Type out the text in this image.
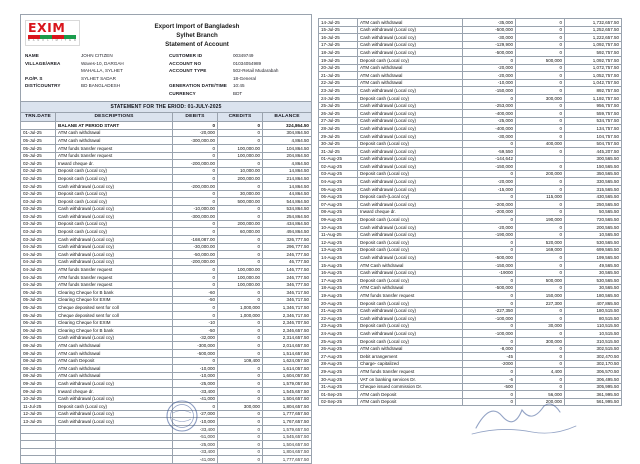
EXIM
B A N K L I M I T E D
Export Import of Bangladesh
Sylhet Branch
Statement of Account
NAME	JOHN CITIZEN
VILLAGE/AREA	Waves-10, DARGAH
MAHALLA, SYLHET
P.O/P. S	SYLHET SADAR
DIST/COUNTRY	BD BANGLADESH
CUSTOMER ID	00349749
ACCOUNT NO	01034054989
ACCOUNT TYPE	502-Retail Mudarabah
18-General
GENERATION DATE/TIME	10:45
CURRENCY	BDT
STATEMENT FOR THE ERIOD: 01-JULY-2025
TRN.DATE	DESCRIPTIONS	DEBITS	CREDITS	BALANCE
	BALANE AT PERIOD START	0	0	324,864.50
01-Jul-25	ATM cash withdrawal	-20,000	0	304,864.50
05-Jul-25	ATM cash withdrawal	-300,000.00	0	4,864.50
05-Jul-25	ATM funds transfer request	0	100,000.00	104,864.50
05-Jul-25	ATM funds transfer request	0	100,000.00	204,864.50
02-Jul-25	Inward cheque dr.	-200,000.00	0	4,864.50
02-Jul-25	Deposit cash (Local ccy)	0	10,000.00	14,864.50
02-Jul-25	Deposit cash (Local ccy)	0	200,000.00	214,864.50
02-Jul-25	Cash withdrawal (Local ccy)	-200,000.00	0	14,864.50
02-Jul-25	Deposit cash (Local ccy)	0	30,000.00	44,864.50
03-Jul-25	Deposit cash (Local ccy)	0	500,000.00	544,864.50
03-Jul-25	Cash withdrawal (Local ccy)	-10,000.00	0	534,864.50
03-Jul-25	Cash withdrawal (Local ccy)	-300,000.00	0	254,864.50
03-Jul-25	Deposit cash (Local ccy)	0	200,000.00	434,864.50
03-Jul-25	Deposit cash (Local ccy)	0	60,000.00	494,864.50
03-Jul-25	Cash withdrawal (Local ccy)	-168,087.00	0	326,777.50
04-Jul-25	Cash withdrawal (Local ccy)	-30,000.00	0	296,777.50
04-Jul-25	Cash withdrawal (Local ccy)	-50,000.00	0	246,777.50
04-Jul-25	Cash withdrawal (Local ccy)	-200,000.00	0	46,777.50
04-Jul-25	ATM funds transfer request	0	100,000.00	146,777.50
04-Jul-25	ATM funds transfer request	0	100,000.00	246,777.50
04-Jul-25	ATM funds transfer request	0	100,000.00	346,777.50
05-Jul-25	Clearing Cheque for B bank	-60	0	346,717.50
05-Jul-25	Clearing Cheque for EXIM	-50	0	346,717.50
05-Jul-25	Cheque deposited sent for coll	0	1,000,000	1,346,717.50
05-Jul-25	Cheque deposited sent for coll	0	1,000,000	2,346,717.50
06-Jul-25	Clearing Cheque for EXIM	-10	0	2,346,707.50
06-Jul-25	Clearing Cheque for B bank	-50	0	2,346,657.50
06-Jul-25	Cash withdrawal (Local ccy)	-32,000	0	2,314,657.50
08-Jul-25	ATM cash withdrawal	-300,000	0	2,014,657.50
08-Jul-25	ATM cash withdrawal	-500,000	0	1,514,657.50
08-Jul-25	ATM cash Deposit	0	109,400	1,624,057.50
08-Jul-25	ATM cash withdrawal	-10,000	0	1,614,057.50
08-Jul-25	ATM cash withdrawal	-10,000	0	1,604,057.50
09-Jul-25	Cash withdrawal (Local ccy)	-25,000	0	1,579,057.50
09-Jul-25	Inward cheque dr.	-33,400	0	1,545,657.50
10-Jul-25	Cash withdrawal (Local ccy)	-41,000	0	1,504,657.50
11-Jul-25	Deposit cash (Local ccy)	0	300,000	1,804,657.50
12-Jul-25	Cash withdrawal (Local ccy)	-27,000	0	1,777,657.50
13-Jul-25	Cash withdrawal (Local ccy)	-10,000	0	1,767,657.50
		-33,400	0	1,579,657.50
		-51,000	0	1,545,657.50
		-25,000	0	1,504,657.50
		-33,400	0	1,804,657.50
		-41,000	0	1,777,657.50
14-Jul-25	ATM cash withdrawal	-35,000	0	1,732,657.50
15-Jul-25	Cash withdrawal (Local ccy)	-500,000	0	1,252,657.50
16-Jul-25	Cash withdrawal (Local ccy)	-30,000	0	1,222,657.50
17-Jul-25	Cash withdrawal (Local ccy)	-129,900	0	1,092,757.50
18-Jul-25	Cash withdrawal (Local ccy)	-500,000	0	592,757.50
19-Jul-25	Deposit cash (Local ccy)	0	500,000	1,092,757.50
20-Jul-25	ATM cash withdrawal	-20,000	0	1,072,757.50
21-Jul-25	ATM cash withdrawal	-20,000	0	1,052,757.50
22-Jul-25	ATM cash withdrawal	-10,000	0	1,042,757.50
23-Jul-25	Cash withdrawal (Local ccy)	-150,000	0	892,757.50
24-Jul-25	Deposit cash (Local ccy)	0	300,000	1,192,757.50
25-Jul-25	Cash withdrawal (Local ccy)	-253,000	0	956,757.50
26-Jul-25	Cash withdrawal (Local ccy)	-400,000	0	559,757.50
27-Jul-25	Cash withdrawal (Local ccy)	-25,000	0	534,757.50
28-Jul-25	Cash withdrawal (Local ccy)	-400,000	0	134,757.50
29-Jul-25	Cash withdrawal (Local ccy)	-30,000	0	104,757.50
30-Jul-25	Deposit cash (Local ccy)	0	400,000	504,757.50
31-Jul-25	Cash withdrawal (Local ccy)	-59,550	0	445,207.50
01-Aug-25	Cash withdrawal (Local ccy)	-144,642		300,565.50
02-Aug-25	Cash withdrawal (Local ccy)	-150,000	0	150,565.50
03-Aug-25	Deposit cash (Local ccy)	0	200,000	350,565.50
04-Aug-25	Cash withdrawal (Local ccy)	-20,000	0	330,565.50
05-Aug-25	Cash withdrawal (Local ccy)	-15,000	0	315,565.50
06-Aug-25	Deposit cash-(Local ccy)	0	115,000	430,565.50
07-Aug-25	Cash withdrawal (Local ccy)	-200,000	0	250,565.50
08-Aug-25	Inward cheque dr.	-200,000	0	50,565.50
09-Aug-25	Deposit cash (Local ccy)	0	190,000	720,565.50
10-Aug-25	Cash withdrawal (Local ccy)	-20,000	0	200,565.50
11-Aug-25	Cash withdrawal (Local ccy)	-190,000	0	10,565.50
12-Aug-25	Deposit cash (Local ccy)	0	520,000	530,565.50
13-Aug-25	Deposit cash (Local ccy)	0	169,000	699,565.50
14-Aug-25	Cash withdrawal (Local ccy)	-500,000	0	199,565.50
15-Aug-25	ATM Cash withdrawal	-150,000	0	49,565.50
16-Aug-25	Cash withdrawal (Local ccy)	-19000	0	30,565.50
17-Aug-25	Deposit cash (Local ccy)	0	500,000	530,565.50
18-Aug-25	ATM Cash withdrawal	-500,000	0	30,565.50
19-Aug-25	ATM funds transfer request	0	150,000	180,565.50
20-Aug-25	Deposit cash (Local ccy)	0	227,300	407,865.50
21-Aug-25	Cash withdrawal (Local ccy)	-227,350	0	180,515.50
22-Aug-25	Cash withdrawal (Local ccy)	-100,000	0	80,515.50
23-Aug-25	Deposit cash (Local ccy)	0	30,000	110,515.50
24-Aug-25	Cash withdrawal (Local ccy)	-100,000	0	10,515.50
25-Aug-25	Deposit cash (Local ccy)	0	300,000	310,515.50
26-Aug-25	ATM cash withdrawal	-8,000	0	302,515.50
27-Aug-25	Debit arrangement	-45	0	302,470.50
28-Aug-25	Charge- capitalized	-2000	0	302,170.50
29-Aug-25	ATM funds transfer request	0	4,400	306,570.50
30-Aug-25	VAT on banking services Dr.	-6	0	306,495.50
31-Aug-25	Cheque issued commission Dr.	-500	0	305,995.50
01-Sep-25	ATM cash Deposit	0	56,000	361,995.50
02-Sep-25	ATM cash Deposit	0	200,000	561,995.50
